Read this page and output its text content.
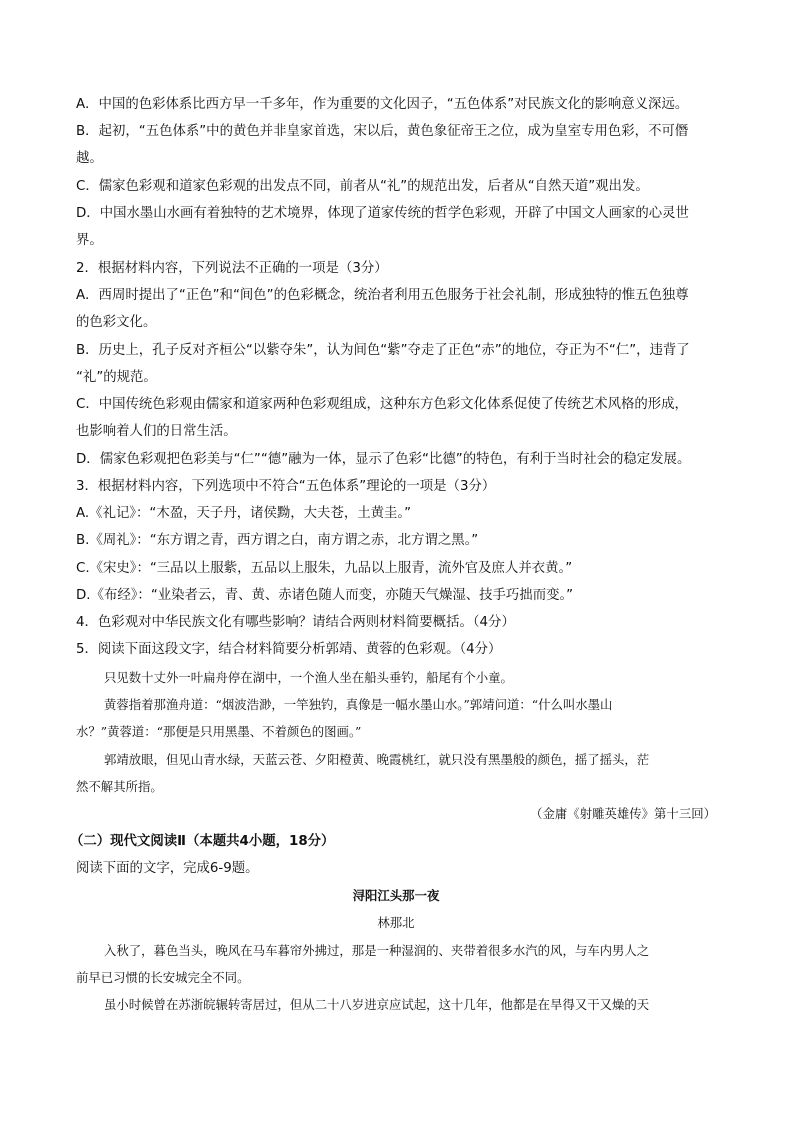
A．中国的色彩体系比西方早一千多年，作为重要的文化因子，“五色体系”对民族文化的影响意义深远。
B．起初，“五色体系”中的黄色并非皇家首选，宋以后，黄色象征帝王之位，成为皇室专用色彩，不可僭
越。
C．儒家色彩观和道家色彩观的出发点不同，前者从“礼”的规范出发，后者从“自然天道”观出发。
D．中国水墨山水画有着独特的艺术境界，体现了道家传统的哲学色彩观，开辟了中国文人画家的心灵世
界。
2．根据材料内容，下列说法不正确的一项是（3分）
A．西周时提出了“正色”和“间色”的色彩概念，统治者利用五色服务于社会礼制，形成独特的惟五色独尊
的色彩文化。
B．历史上，孔子反对齐桓公“以紫夺朱”，认为间色“紫”夺走了正色“赤”的地位，夺正为不“仁”，违背了
“礼”的规范。
C．中国传统色彩观由儒家和道家两种色彩观组成，这种东方色彩文化体系促使了传统艺术风格的形成，
也影响着人们的日常生活。
D．儒家色彩观把色彩美与“仁”“德”融为一体，显示了色彩“比德”的特色，有利于当时社会的稳定发展。
3．根据材料内容，下列选项中不符合“五色体系”理论的一项是（3分）
A.《礼记》：“木盈，天子丹，诸侯黝，大夫苍，土黄圭。”
B.《周礼》：“东方谓之青，西方谓之白，南方谓之赤，北方谓之黑。”
C.《宋史》：“三品以上服紫，五品以上服朱，九品以上服青，流外官及庶人并衣黄。”
D.《布经》：“业染者云，青、黄、赤诸色随人而变，亦随天气燥湿、技手巧拙而变。”
4．色彩观对中华民族文化有哪些影响？请结合两则材料简要概括。（4分）
5．阅读下面这段文字，结合材料简要分析郭靖、黄蓉的色彩观。（4分）
只见数十丈外一叶扁舟停在湖中，一个渔人坐在船头垂钓，船尾有个小童。
黄蓉指着那渔舟道：“烟波浩渺，一竿独钓，真像是一幅水墨山水。”郭靖问道：“什么叫水墨山
水？”黄蓉道：“那便是只用黑墨、不着颜色的图画。”
郭靖放眼，但见山青水绿，天蓝云苍、夕阳橙黄、晚霞桃红，就只没有黑墨般的颜色，摇了摇头，茫
然不解其所指。
（金庸《射雕英雄传》第十三回）
（二）现代文阅读Ⅱ（本题共4小题，18分）
阅读下面的文字，完成6-9题。
浔阳江头那一夜
林那北
入秋了，暮色当头，晚风在马车暮帘外拂过，那是一种湿润的、夹带着很多水汽的风，与车内男人之
前早已习惯的长安城完全不同。
虽小时候曾在苏浙皖辗转寄居过，但从二十八岁进京应试起，这十几年，他都是在旱得又干又燥的天
